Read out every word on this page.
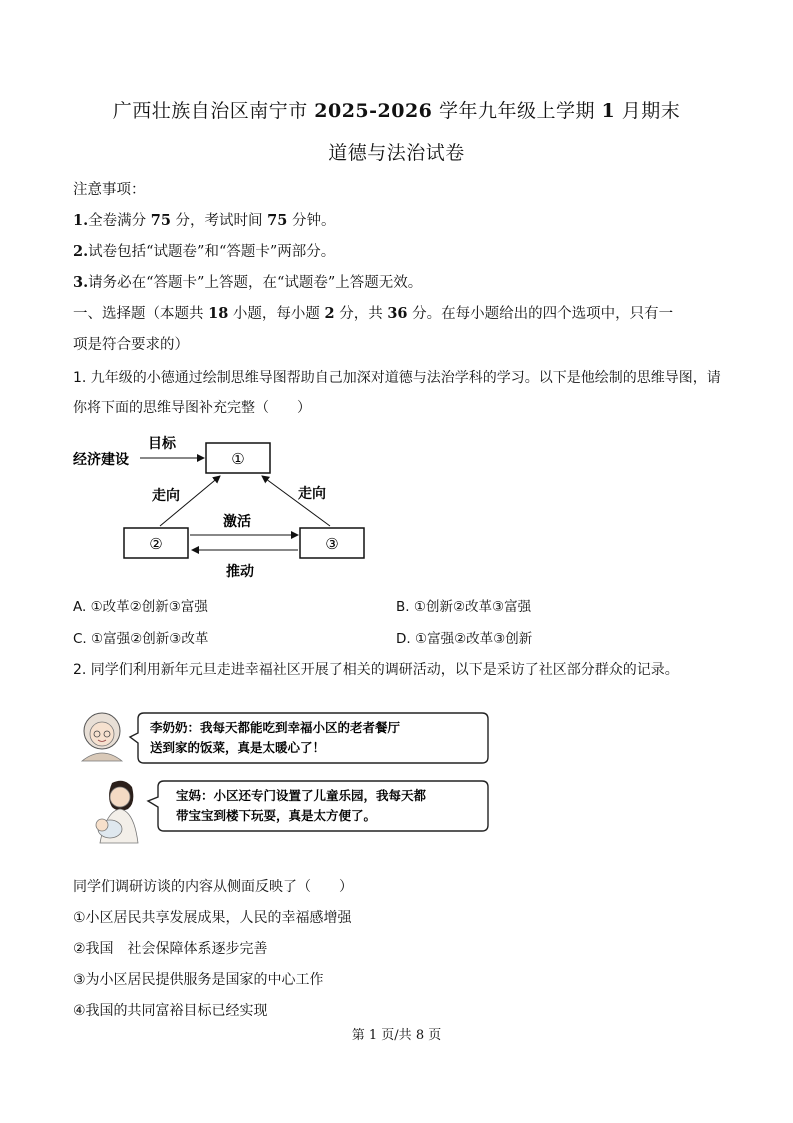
广西壮族自治区南宁市 2025-2026 学年九年级上学期 1 月期末
道德与法治试卷
注意事项：
1.全卷满分 75 分，考试时间 75 分钟。
2.试卷包括“试题卷”和“答题卡”两部分。
3.请务必在“答题卡”上答题，在“试题卷”上答题无效。
一、选择题（本题共 18 小题，每小题 2 分，共 36 分。在每小题给出的四个选项中，只有一
项是符合要求的）
1. 九年级的小德通过绘制思维导图帮助自己加深对道德与法治学科的学习。以下是他绘制的思维导图，请
你将下面的思维导图补充完整（　　）
①
②	③
经济建设
目标
走向	走向
激活
推动
A. ①改革②创新③富强	B. ①创新②改革③富强
C. ①富强②创新③改革	D. ①富强②改革③创新
2. 同学们利用新年元旦走进幸福社区开展了相关的调研活动，以下是采访了社区部分群众的记录。
李奶奶：我每天都能吃到幸福小区的老者餐厅
送到家的饭菜，真是太暖心了！
宝妈：小区还专门设置了儿童乐园，我每天都
带宝宝到楼下玩耍，真是太方便了。
同学们调研访谈的内容从侧面反映了（　　）
①小区居民共享发展成果，人民的幸福感增强
②我国　社会保障体系逐步完善
③为小区居民提供服务是国家的中心工作
④我国的共同富裕目标已经实现
第 1 页/共 8 页
